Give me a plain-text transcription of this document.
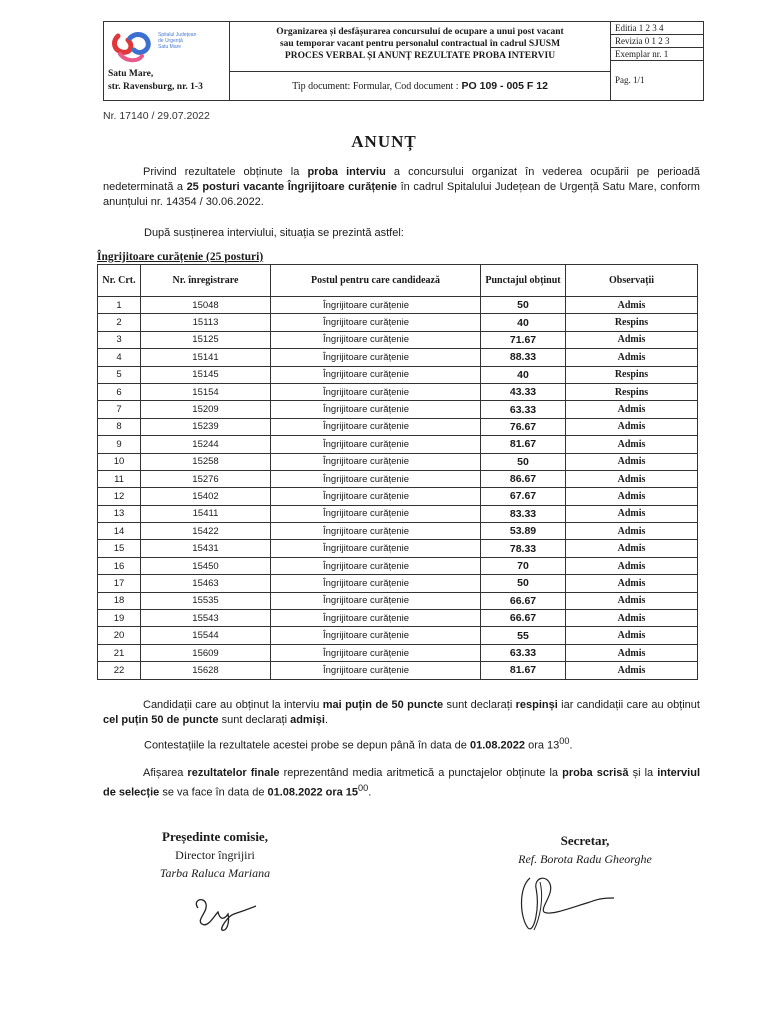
Spitalul Județean
de Urgență
Satu Mare
Satu Mare,
str. Ravensburg, nr. 1-3
Organizarea și desfășurarea concursului de ocupare a unui post vacant
sau temporar vacant pentru personalul contractual în cadrul SJUSM
PROCES VERBAL ȘI ANUNȚ REZULTATE PROBA INTERVIU
Tip document: Formular, Cod document : PO 109 - 005 F 12
Editia 1 2 3 4
Revizia 0 1 2 3
Exemplar nr. 1
Pag. 1/1
Nr. 17140 / 29.07.2022
ANUNȚ
Privind rezultatele obținute la proba interviu a concursului organizat în vederea ocupării pe perioadă nedeterminată a 25 posturi vacante Îngrijitoare curățenie în cadrul Spitalului Județean de Urgență Satu Mare, conform anunțului nr. 14354 / 30.06.2022.
După susținerea interviului, situația se prezintă astfel:
Îngrijitoare curățenie (25 posturi)
Nr. Crt.	Nr. înregistrare	Postul pentru care candidează	Punctajul obținut	Observații
1	15048	Îngrijitoare curățenie	50	Admis
2	15113	Îngrijitoare curățenie	40	Respins
3	15125	Îngrijitoare curățenie	71.67	Admis
4	15141	Îngrijitoare curățenie	88.33	Admis
5	15145	Îngrijitoare curățenie	40	Respins
6	15154	Îngrijitoare curățenie	43.33	Respins
7	15209	Îngrijitoare curățenie	63.33	Admis
8	15239	Îngrijitoare curățenie	76.67	Admis
9	15244	Îngrijitoare curățenie	81.67	Admis
10	15258	Îngrijitoare curățenie	50	Admis
11	15276	Îngrijitoare curățenie	86.67	Admis
12	15402	Îngrijitoare curățenie	67.67	Admis
13	15411	Îngrijitoare curățenie	83.33	Admis
14	15422	Îngrijitoare curățenie	53.89	Admis
15	15431	Îngrijitoare curățenie	78.33	Admis
16	15450	Îngrijitoare curățenie	70	Admis
17	15463	Îngrijitoare curățenie	50	Admis
18	15535	Îngrijitoare curățenie	66.67	Admis
19	15543	Îngrijitoare curățenie	66.67	Admis
20	15544	Îngrijitoare curățenie	55	Admis
21	15609	Îngrijitoare curățenie	63.33	Admis
22	15628	Îngrijitoare curățenie	81.67	Admis
Candidații care au obținut la interviu mai puțin de 50 puncte sunt declarați respinși iar candidații care au obținut cel puțin 50 de puncte sunt declarați admiși.
Contestațiile la rezultatele acestei probe se depun până în data de 01.08.2022 ora $13^{00}$.
Afișarea rezultatelor finale reprezentând media aritmetică a punctajelor obținute la proba scrisă și la interviul de selecție se va face în data de 01.08.2022 ora $15^{00}$.
Președinte comisie,
Director îngrijiri
Tarba Raluca Mariana
Secretar,
Ref. Borota Radu Gheorghe
